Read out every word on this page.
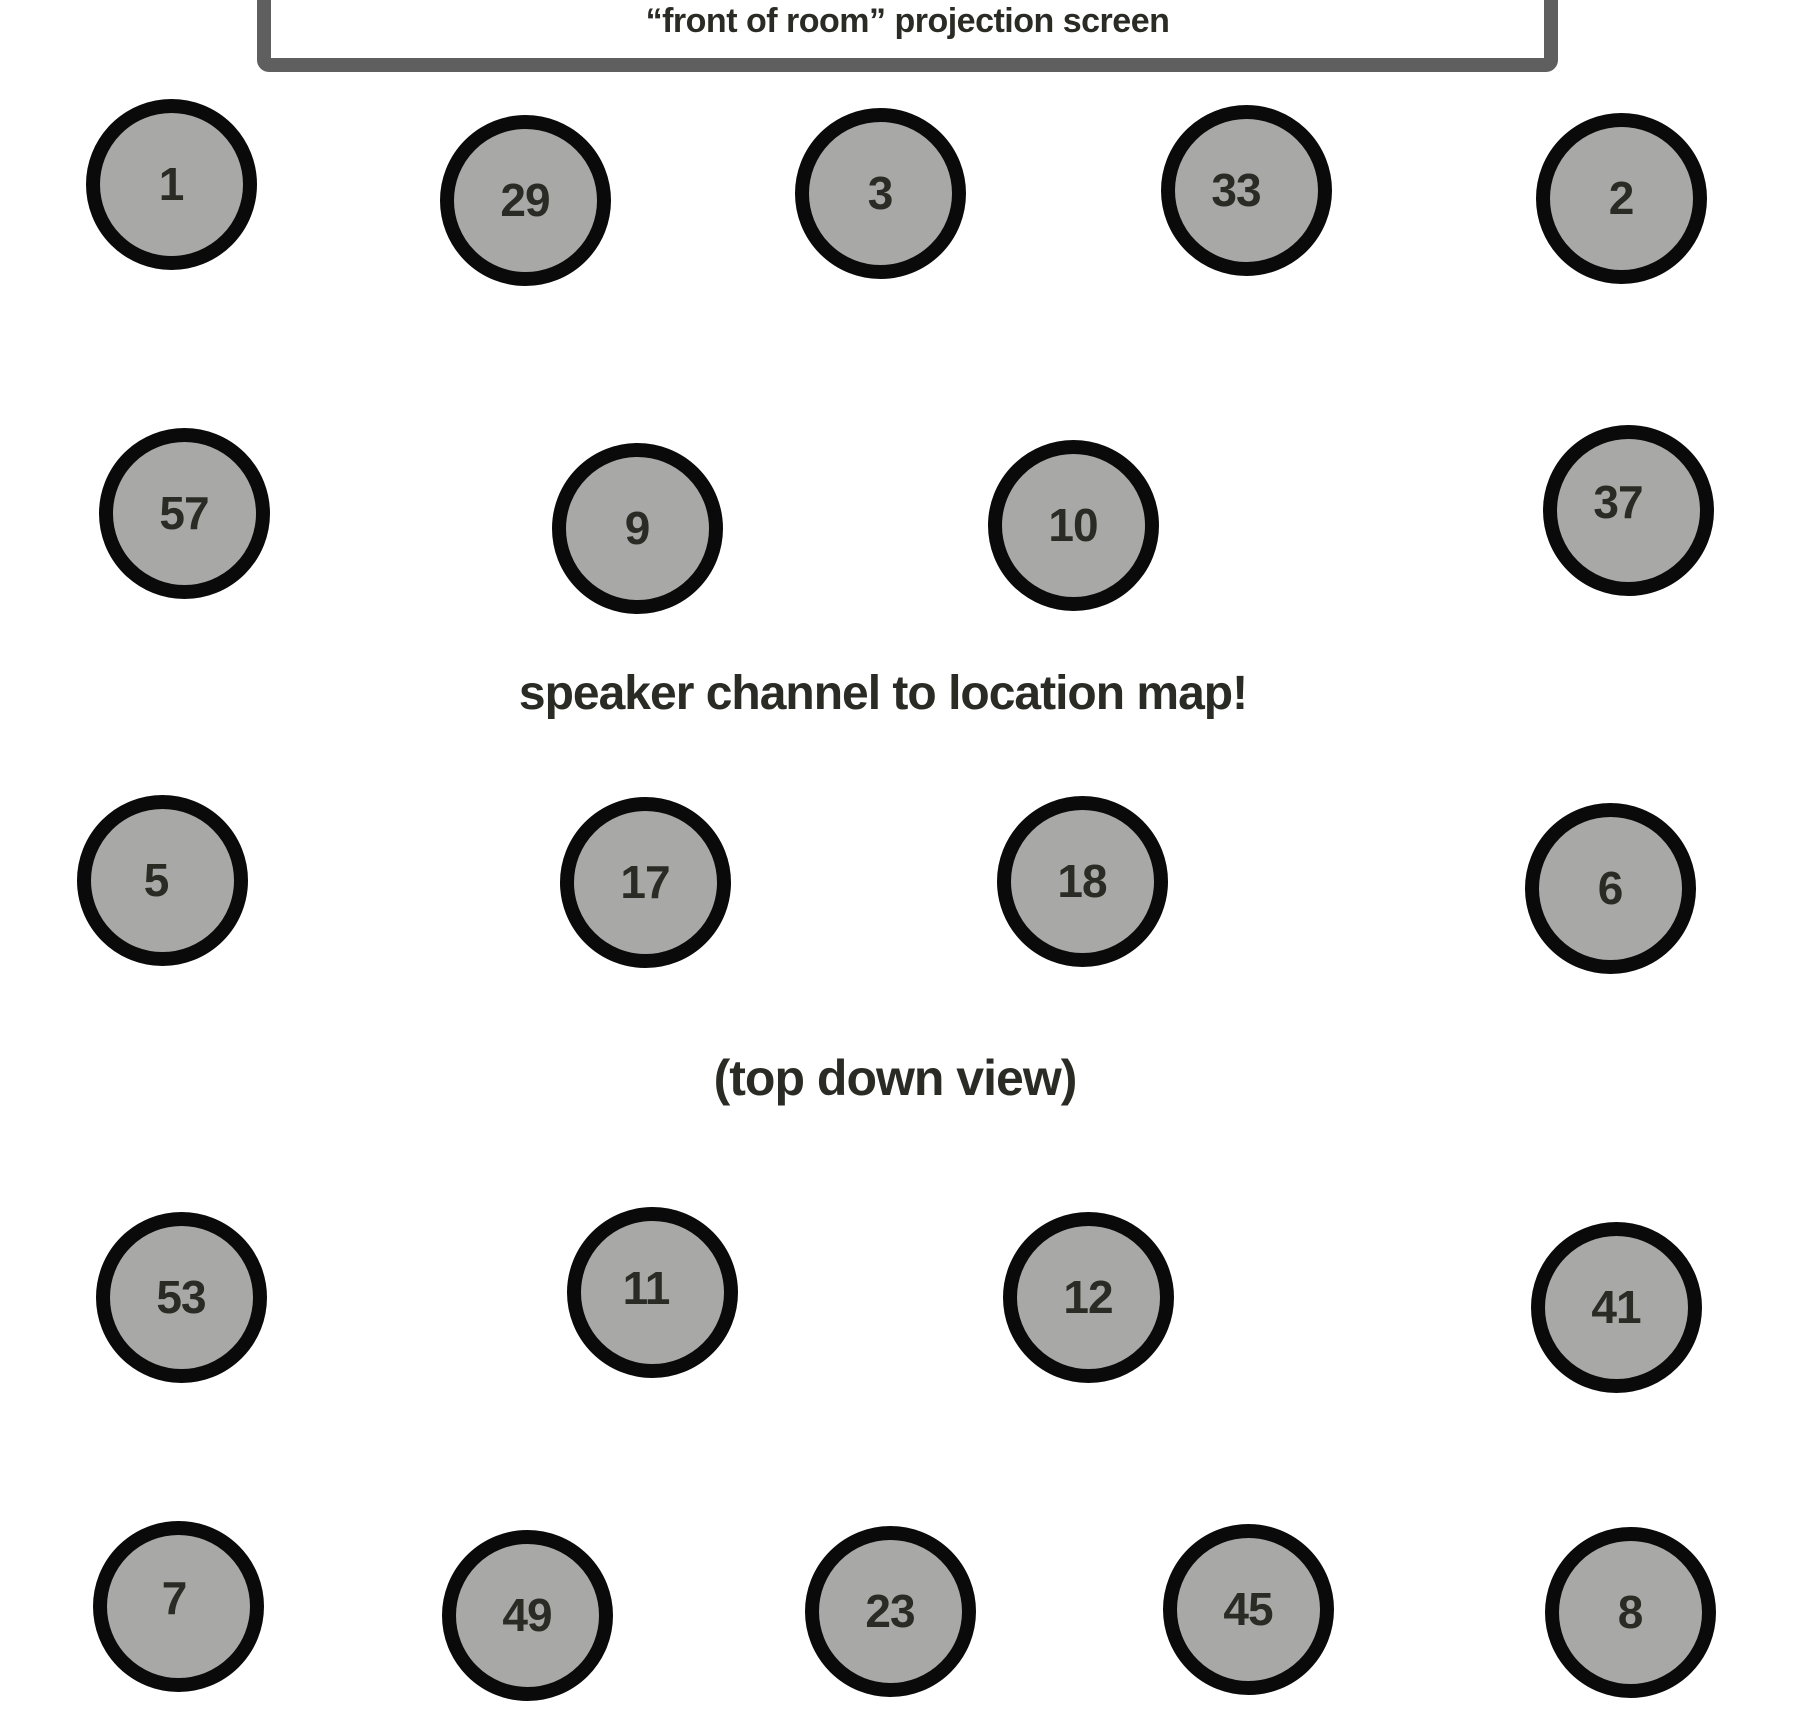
“front of room” projection screen
speaker channel to location map!
(top down view)
1	29	3	33	2
57	9	10	37
5	17	18	6
53	11	12	41
7	49	23	45	8
